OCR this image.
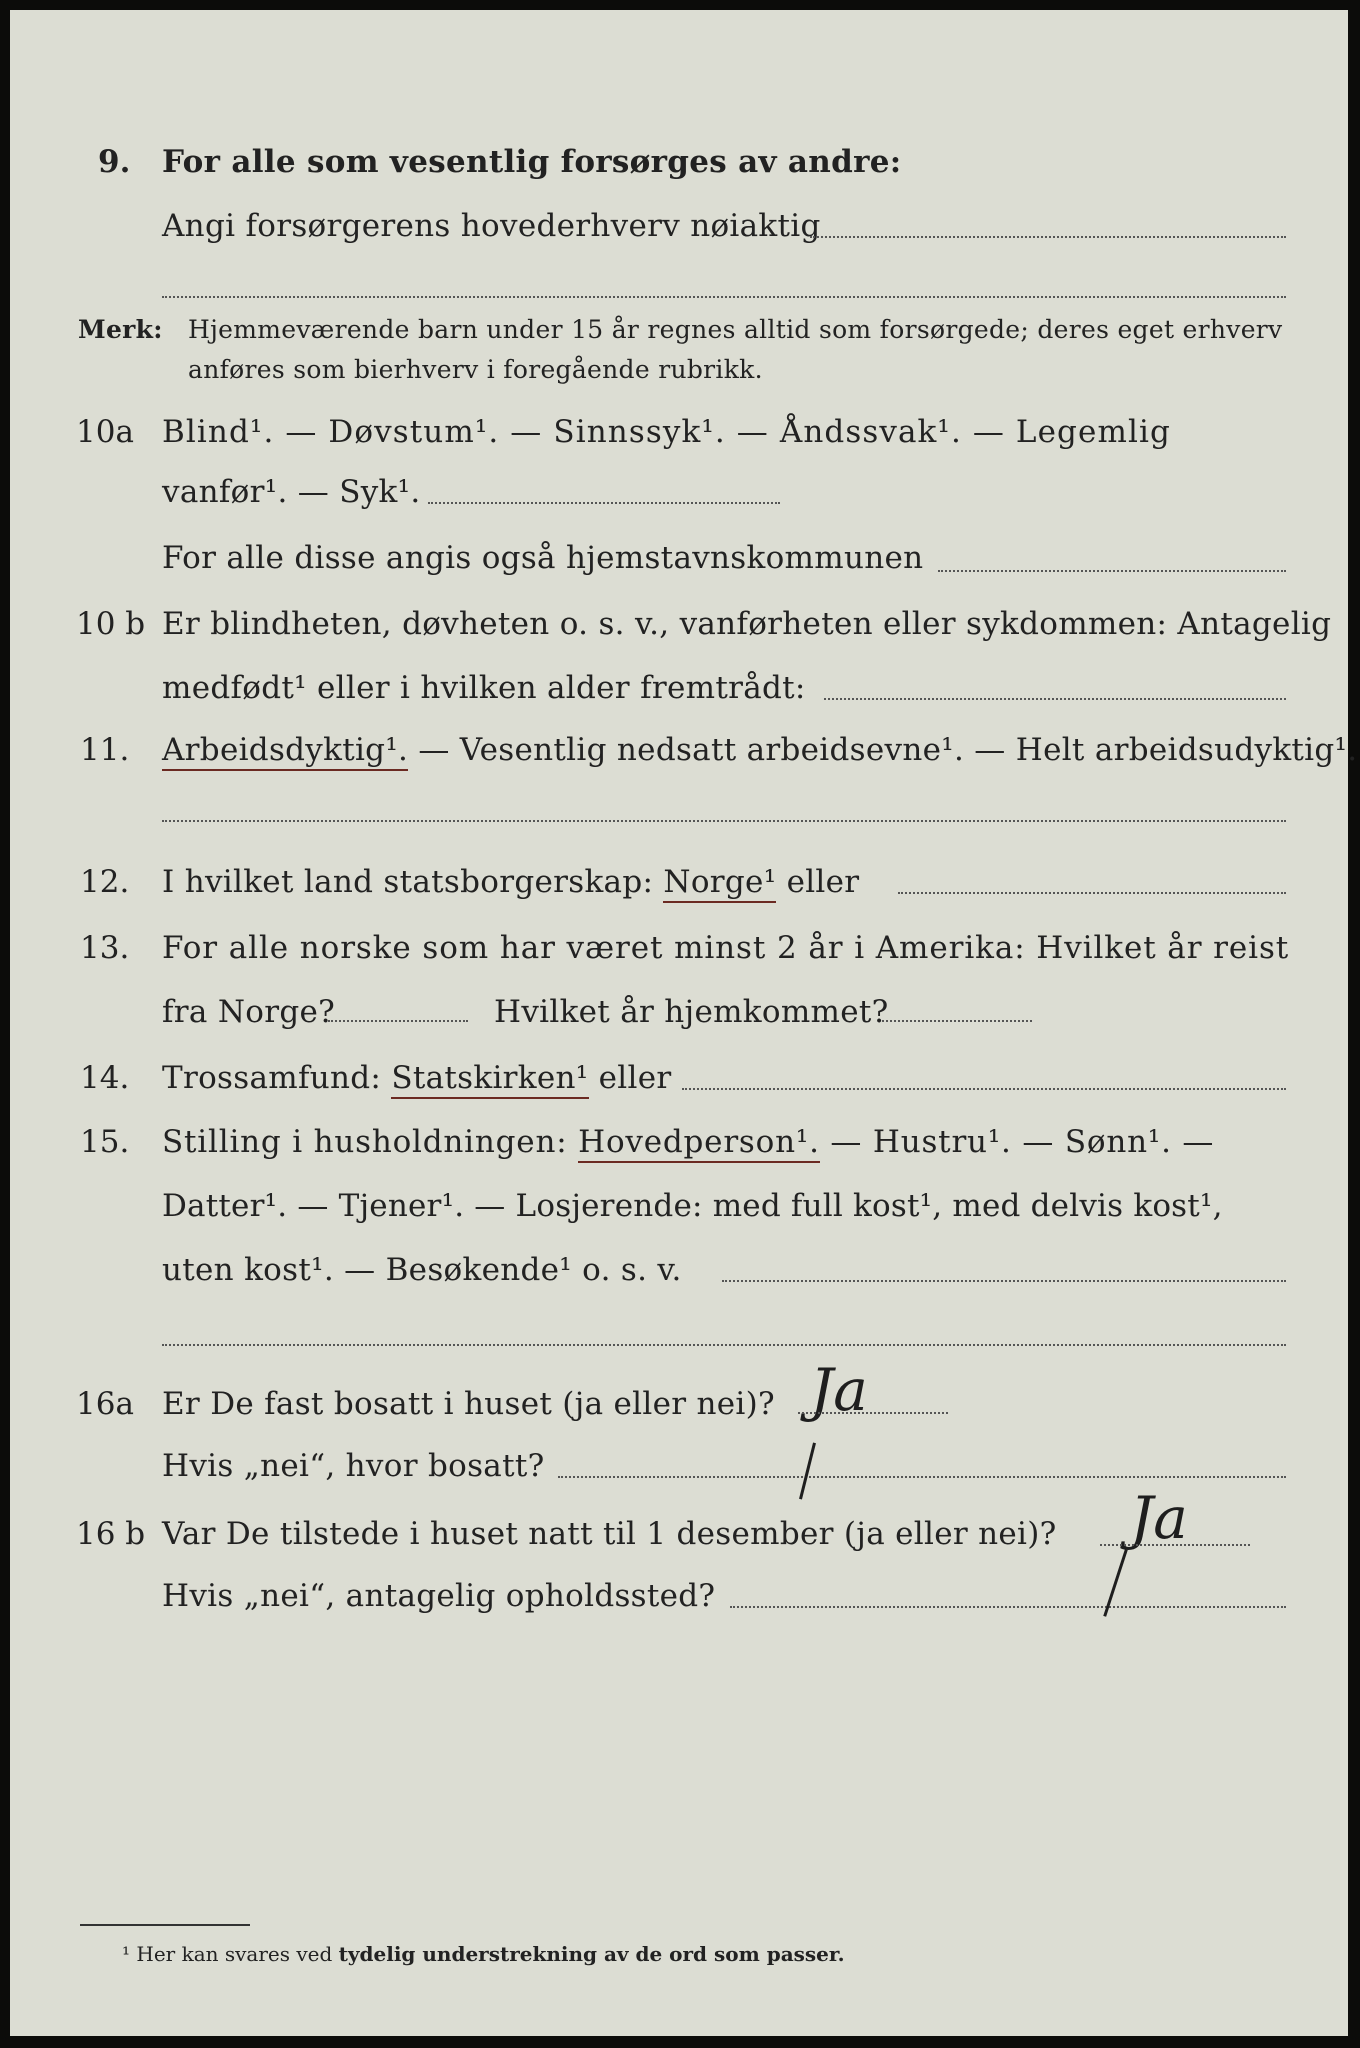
9. For alle som vesentlig forsørges av andre:
Angi forsørgerens hovederhverv nøiaktig
Merk: Hjemmeværende barn under 15 år regnes alltid som forsørgede; deres eget erhverv
anføres som bierhverv i foregående rubrikk.
10a Blind¹. — Døvstum¹. — Sinnssyk¹. — Åndssvak¹. — Legemlig
vanfør¹. — Syk¹.
For alle disse angis også hjemstavnskommunen
10 b Er blindheten, døvheten o. s. v., vanførheten eller sykdommen: Antagelig
medfødt¹ eller i hvilken alder fremtrådt:
11. Arbeidsdyktig¹. — Vesentlig nedsatt arbeidsevne¹. — Helt arbeidsudyktig¹.
12. I hvilket land statsborgerskap: Norge¹ eller
13. For alle norske som har været minst 2 år i Amerika: Hvilket år reist
fra Norge?	Hvilket år hjemkommet?
14. Trossamfund: Statskirken¹ eller
15. Stilling i husholdningen: Hovedperson¹. — Hustru¹. — Sønn¹. —
Datter¹. — Tjener¹. — Losjerende: med full kost¹, med delvis kost¹,
uten kost¹. — Besøkende¹ o. s. v.
16a Er De fast bosatt i huset (ja eller nei)? Ja
Hvis „nei“, hvor bosatt?
16 b Var De tilstede i huset natt til 1 desember (ja eller nei)? Ja
Hvis „nei“, antagelig opholdssted?
¹ Her kan svares ved tydelig understrekning av de ord som passer.
